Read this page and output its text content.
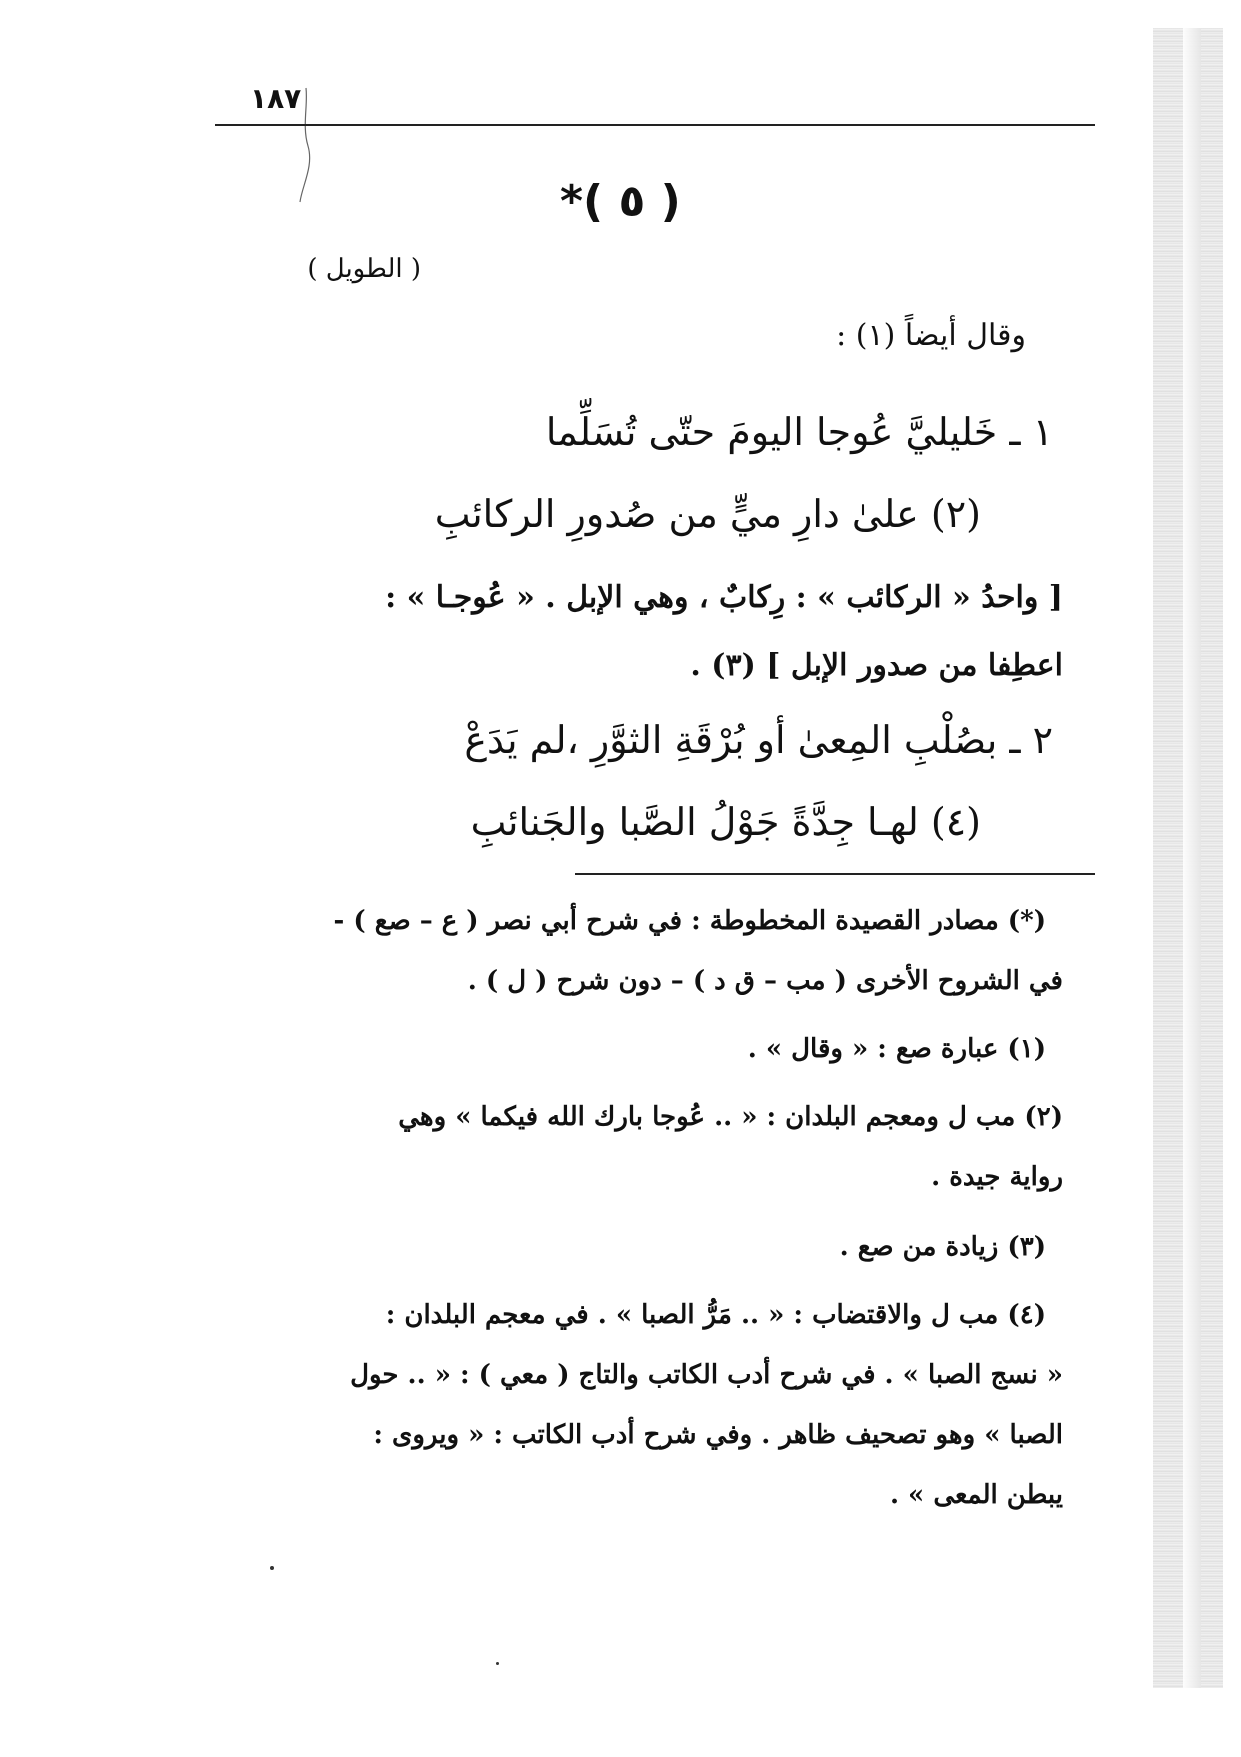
١٨٧
( ٥ )*
( الطويل )
وقال أيضاً (١) :
١ ـ خَليليَّ عُوجا اليومَ حتّى تُسَلِّما
(٢) علىٰ دارِ ميٍّ من صُدورِ الركائبِ
[ واحدُ « الركائب » : رِكابٌ ، وهي الإبل . « عُوجـا » :
اعطِفا من صدور الإبل ] (٣) .
٢ ـ بصُلْبِ المِعىٰ أو بُرْقَةِ الثوَّرِ ،لم يَدَعْ
(٤) لهـا جِدَّةً جَوْلُ الصَّبا والجَنائبِ
(*) مصادر القصيدة المخطوطة : في شرح أبي نصر ( ع – صع ) -
في الشروح الأخرى ( مب – ق د ) – دون شرح ( ل ) .
(١) عبارة صع : « وقال » .
(٢) مب ل ومعجم البلدان : « .. عُوجا بارك الله فيكما » وهي
رواية جيدة .
(٣) زيادة من صع .
(٤) مب ل والاقتضاب : « .. مَرُّ الصبا » . في معجم البلدان :
« نسج الصبا » . في شرح أدب الكاتب والتاج ( معي ) : « .. حول
الصبا » وهو تصحيف ظاهر . وفي شرح أدب الكاتب : « ويروى :
يبطن المعى » .
